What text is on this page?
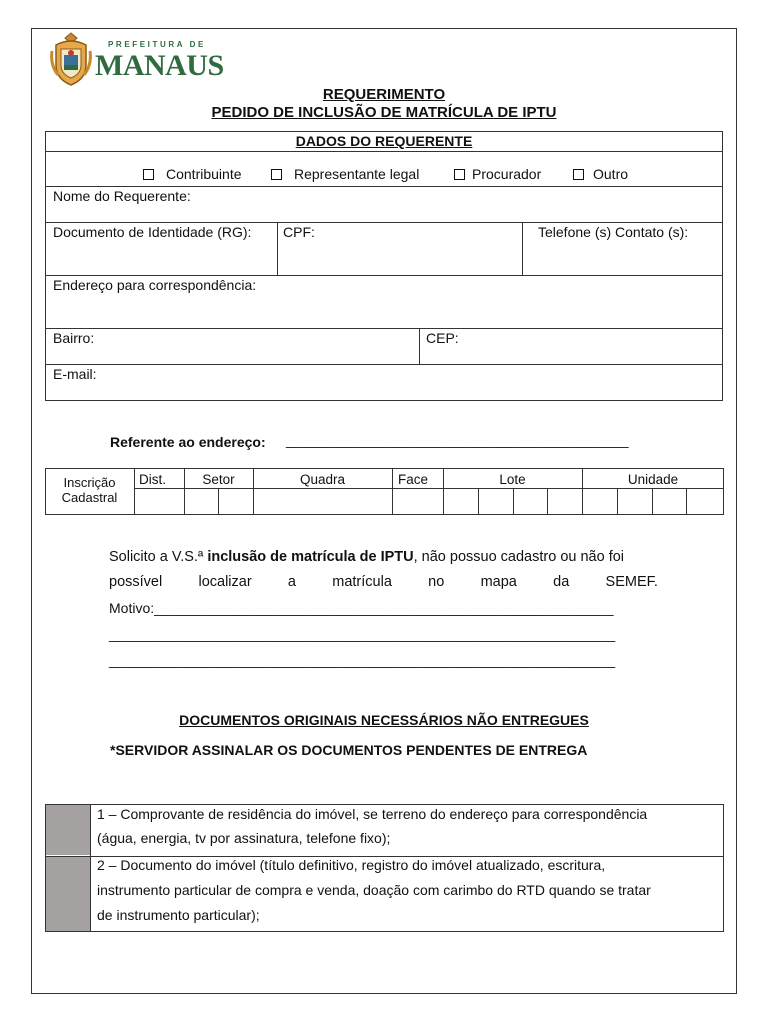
PREFEITURA DE
MANAUS
REQUERIMENTO
PEDIDO DE INCLUSÃO DE MATRÍCULA DE IPTU
DADOS DO REQUERENTE
Contribuinte	Representante legal	Procurador	Outro
Nome do Requerente:
Documento de Identidade (RG): CPF:	Telefone (s) Contato (s):
Endereço para correspondência:
Bairro:	CEP:
E-mail:
Referente ao endereço: ____________________________________________
Inscrição
Cadastral
Dist.	Setor	Quadra	Face	Lote	Unidade
Solicito a V.S.ª inclusão de matrícula de IPTU, não possuo cadastro ou não foi
possível	localizar	a	matrícula	no	mapa	da	SEMEF.
Motivo:___________________________________________________________
_________________________________________________________________
_________________________________________________________________
DOCUMENTOS ORIGINAIS NECESSÁRIOS NÃO ENTREGUES
*SERVIDOR ASSINALAR OS DOCUMENTOS PENDENTES DE ENTREGA
1 – Comprovante de residência do imóvel, se terreno do endereço para correspondência
(água, energia, tv por assinatura, telefone fixo);
2 – Documento do imóvel (título definitivo, registro do imóvel atualizado, escritura,
instrumento particular de compra e venda, doação com carimbo do RTD quando se tratar
de instrumento particular);
